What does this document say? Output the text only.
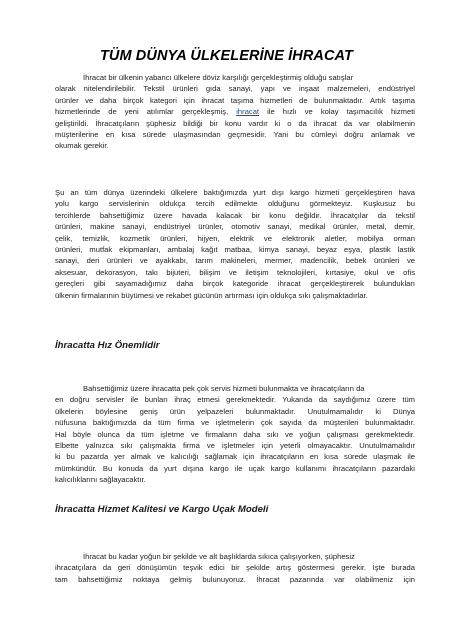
TÜM DÜNYA ÜLKELERİNE İHRACAT
İhracat bir ülkenin yabancı ülkelere döviz karşılığı gerçekleştirmiş olduğu satışlar
olarak nitelendirilebilir. Tekstil ürünleri gıda sanayi, yapı ve inşaat malzemeleri, endüstriyel
ürünler ve daha birçok kategori için ihracat taşıma hizmetleri de bulunmaktadır. Artık taşıma
hizmetlerinde de yeni atılımlar gerçekleşmiş, ihracat ile hızlı ve kolay taşımacılık hizmeti
geliştirildi. İhracatçıların şüphesiz bildiği bir konu vardır ki o da ihracat da var olabilmenin
müşterilerine en kısa sürede ulaşmasından geçmesidir. Yani bu cümleyi doğru anlamak ve
okumak gerekir.
Şu an tüm dünya üzerindeki ülkelere baktığımızda yurt dışı kargo hizmeti gerçekleştiren hava
yolu kargo servislerinin oldukça tercih edilmekte olduğunu görmekteyiz. Kuşkusuz bu
tercihlerde bahsettiğimiz üzere havada kalacak bir konu değildir. İhracatçılar da tekstil
ürünleri, makine sanayi, endüstriyel ürünler, otomotiv sanayi, medikal ürünler, metal, demir,
çelik, temizlik, kozmetik ürünleri, hijyen, elektrik ve elektronik aletler, mobilya orman
ürünleri, mutfak ekipmanları, ambalaj kağıt matbaa, kimya sanayi, beyaz eşya, plastik lastik
sanayi, deri ürünleri ve ayakkabı, tarım makineleri, mermer, madencilik, bebek ürünleri ve
aksesuar, dekorasyon, takı bijuteri, bilişim ve iletişim teknolojileri, kırtasiye, okul ve ofis
gereçleri gibi sayamadığımız daha birçok kategoride ihracat gerçekleştirerek bulundukları
ülkenin firmalarının büyümesi ve rekabet gücünün artırması için oldukça sıkı çalışmaktadırlar.
İhracatta Hız Önemlidir
Bahsettiğimiz üzere ihracatta pek çok servis hizmeti bulunmakta ve ihracatçıların da
en doğru servisler ile bunları ihraç etmesi gerekmektedir. Yukarıda da saydığımız üzere tüm
ülkelerin böylesine geniş ürün yelpazeleri bulunmaktadır. Unutulmamalıdır ki Dünya
nüfusuna baktığımızda da tüm firma ve işletmelerin çok sayıda da müşterileri bulunmaktadır.
Hal böyle olunca da tüm işletme ve firmaların daha sıkı ve yoğun çalışması gerekmektedir.
Elbette yalnızca sıkı çalışmakta firma ve işletmeler için yeterli olmayacaktır. Unutulmamalıdır
ki bu pazarda yer almak ve kalıcılığı sağlamak için ihracatçıların en kısa sürede ulaşmak ile
mümkündür. Bu konuda da yurt dışına kargo ile uçak kargo kullanımı ihracatçıların pazardaki
kalıcılıklarını sağlayacaktır.
İhracatta Hizmet Kalitesi ve Kargo Uçak Modeli
İhracat bu kadar yoğun bir şekilde ve alt başlıklarda sıkıca çalışıyorken, şüphesiz
ihracatçılara da geri dönüşümün teşvik edici bir şekilde artış göstermesi gerekir. İşte burada
tam bahsettiğimiz noktaya gelmiş bulunuyoruz. İhracat pazarında var olabilmeniz için
